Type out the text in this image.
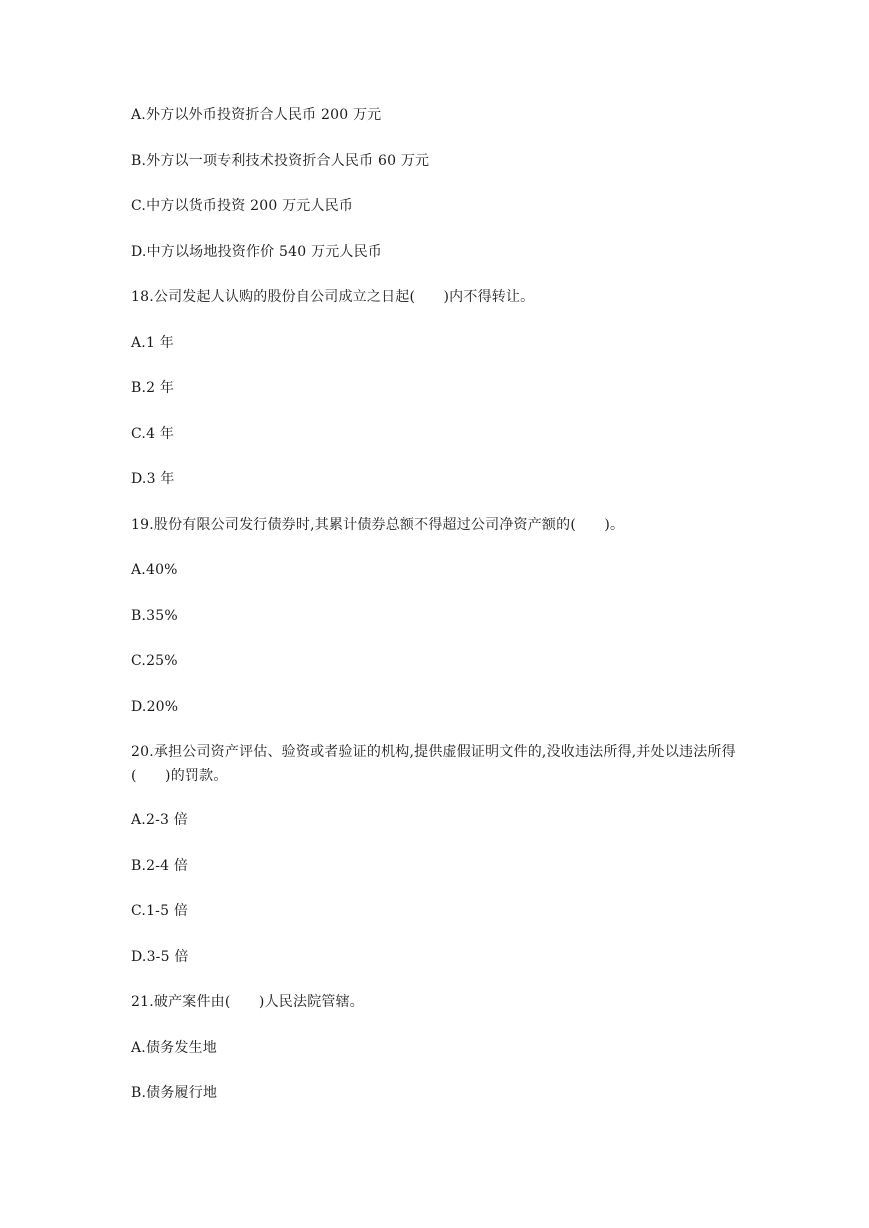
A.外方以外币投资折合人民币 200 万元
B.外方以一项专利技术投资折合人民币 60 万元
C.中方以货币投资 200 万元人民币
D.中方以场地投资作价 540 万元人民币
18.公司发起人认购的股份自公司成立之日起(　　)内不得转让。
A.1 年
B.2 年
C.4 年
D.3 年
19.股份有限公司发行债券时,其累计债券总额不得超过公司净资产额的(　　)。
A.40%
B.35%
C.25%
D.20%
20.承担公司资产评估、验资或者验证的机构,提供虚假证明文件的,没收违法所得,并处以违法所得(　　)的罚款。
A.2-3 倍
B.2-4 倍
C.1-5 倍
D.3-5 倍
21.破产案件由(　　)人民法院管辖。
A.债务发生地
B.债务履行地
